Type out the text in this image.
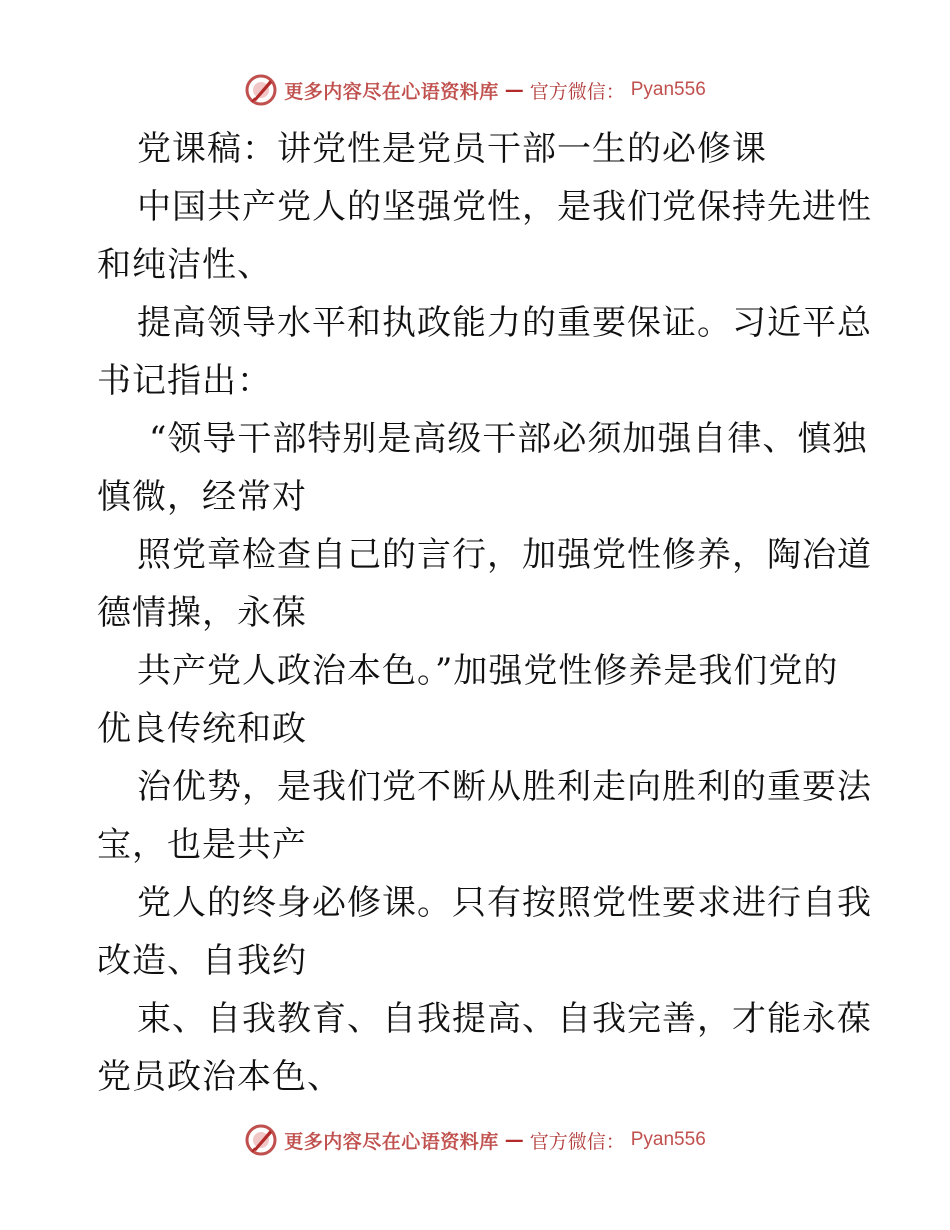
更多内容尽在心语资料库 — 官方微信： Pyan556
党课稿：讲党性是党员干部一生的必修课
中国共产党人的坚强党性，是我们党保持先进性
和纯洁性、
提高领导水平和执政能力的重要保证。习近平总
书记指出：
“领导干部特别是高级干部必须加强自律、慎独
慎微，经常对
照党章检查自己的言行，加强党性修养，陶冶道
德情操，永葆
共产党人政治本色。”加强党性修养是我们党的
优良传统和政
治优势，是我们党不断从胜利走向胜利的重要法
宝，也是共产
党人的终身必修课。只有按照党性要求进行自我
改造、自我约
束、自我教育、自我提高、自我完善，才能永葆
党员政治本色、
更多内容尽在心语资料库 — 官方微信： Pyan556
